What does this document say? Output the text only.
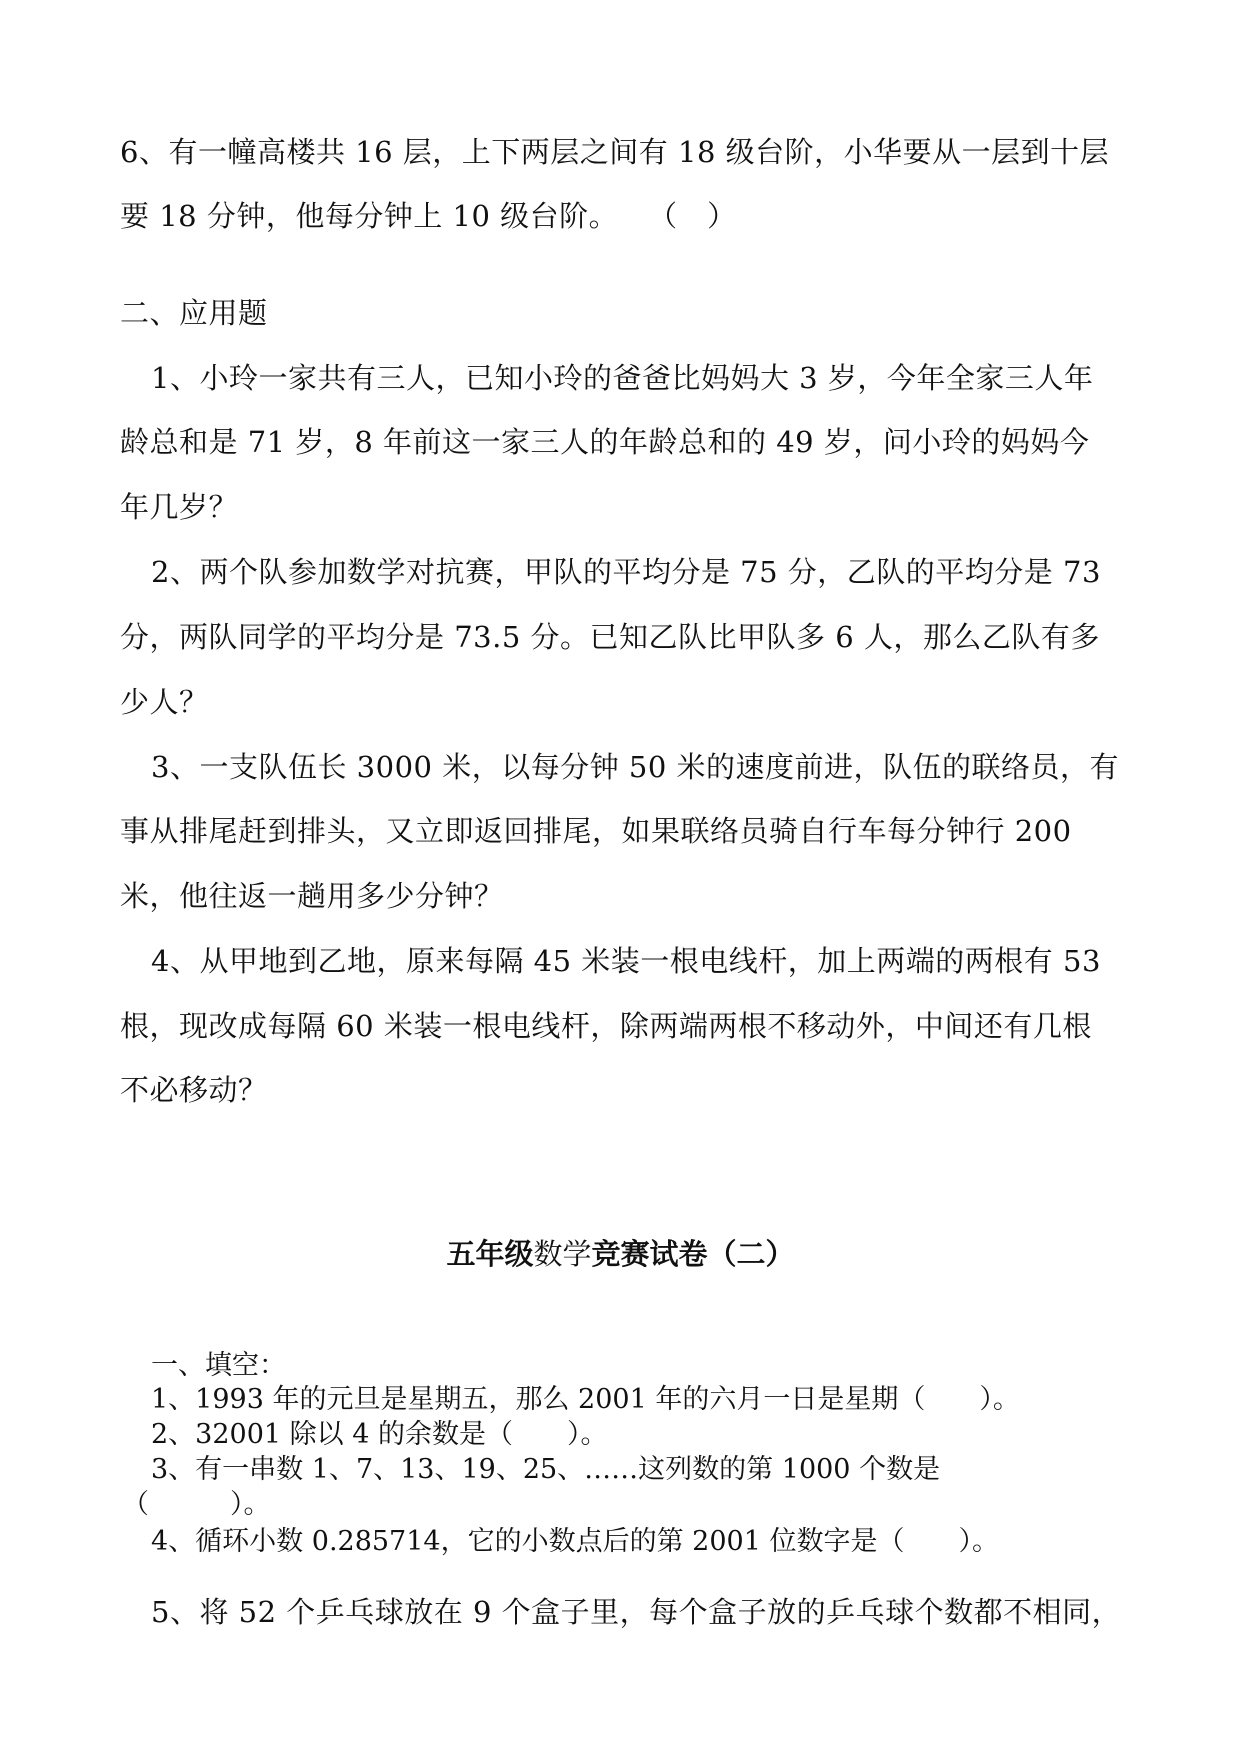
6、有一幢高楼共 16 层，上下两层之间有 18 级台阶，小华要从一层到十层
要 18 分钟，他每分钟上 10 级台阶。　　（　）
二、应用题
1、小玲一家共有三人，已知小玲的爸爸比妈妈大 3 岁，今年全家三人年
龄总和是 71 岁，8 年前这一家三人的年龄总和的 49 岁，问小玲的妈妈今
年几岁？
2、两个队参加数学对抗赛，甲队的平均分是 75 分，乙队的平均分是 73
分，两队同学的平均分是 73.5 分。已知乙队比甲队多 6 人，那么乙队有多
少人？
3、一支队伍长 3000 米，以每分钟 50 米的速度前进，队伍的联络员，有
事从排尾赶到排头，又立即返回排尾，如果联络员骑自行车每分钟行 200
米，他往返一趟用多少分钟？
4、从甲地到乙地，原来每隔 45 米装一根电线杆，加上两端的两根有 53
根，现改成每隔 60 米装一根电线杆，除两端两根不移动外，中间还有几根
不必移动？
五年级数学竞赛试卷（二）
一、填空：
1、1993 年的元旦是星期五，那么 2001 年的六月一日是星期（　　）。
2、32001 除以 4 的余数是（　　）。
3、有一串数 1、7、13、19、25、……这列数的第 1000 个数是
（　　　）。
4、循环小数 0.285714，它的小数点后的第 2001 位数字是（　　）。
5、将 52 个乒乓球放在 9 个盒子里，每个盒子放的乒乓球个数都不相同，
